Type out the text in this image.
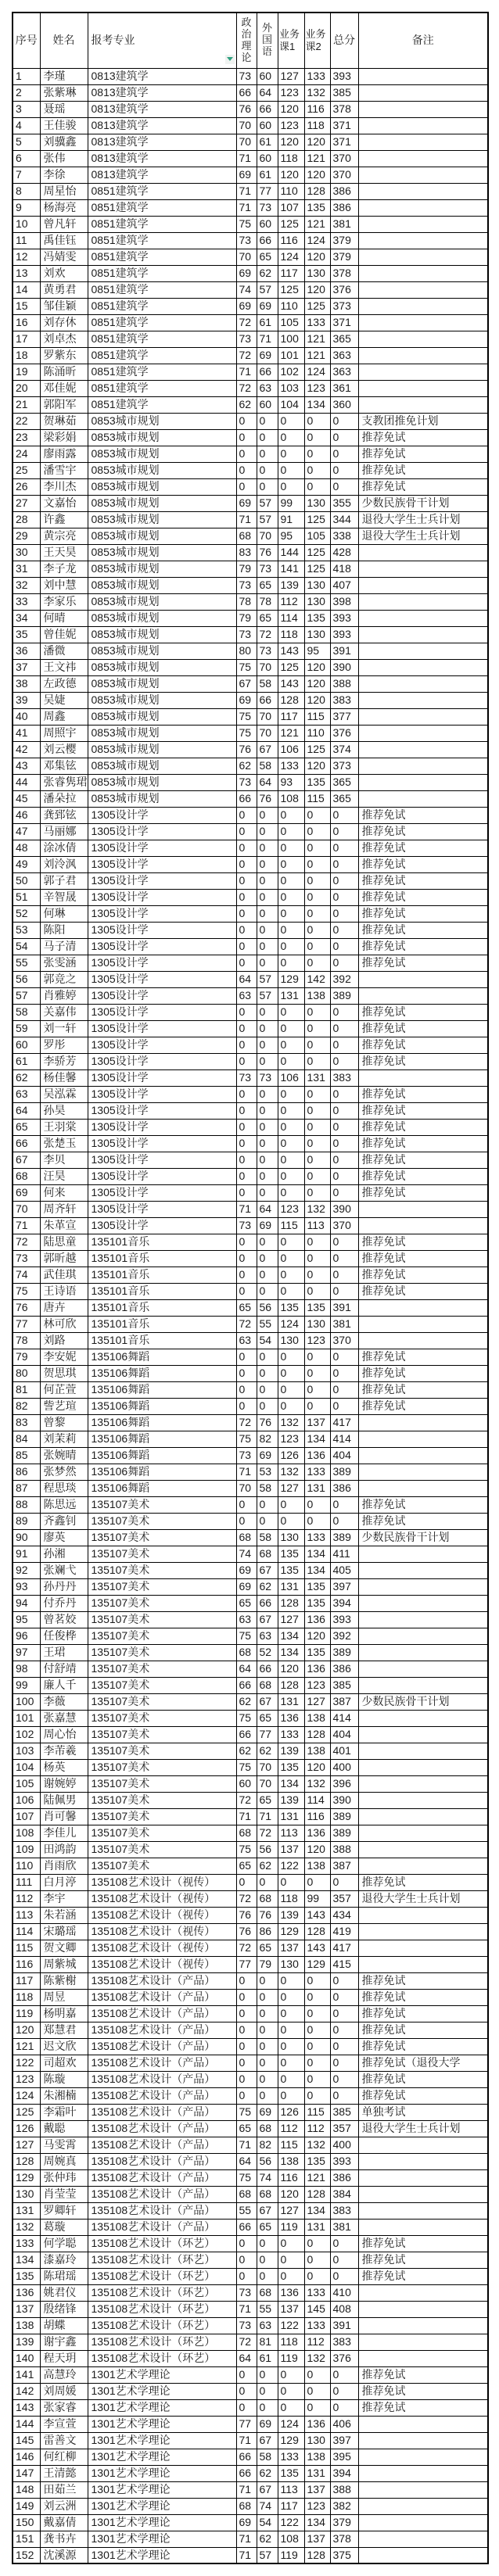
序号	姓名	报考专业	政治理论	外国语	业务课1	业务课2	总分	备注
1	李瑾	0813建筑学	73	60	127	133	393	
2	张紫琳	0813建筑学	66	64	123	132	385	
3	聂瑶	0813建筑学	76	66	120	116	378	
4	王佳骏	0813建筑学	70	60	123	118	371	
5	刘骥鑫	0813建筑学	70	61	120	120	371	
6	张伟	0813建筑学	71	60	118	121	370	
7	李徐	0813建筑学	69	61	120	120	370	
8	周星怡	0851建筑学	71	77	110	128	386	
9	杨海亮	0851建筑学	71	73	107	135	386	
10	曾凡轩	0851建筑学	75	60	125	121	381	
11	禹佳钰	0851建筑学	73	66	116	124	379	
12	冯婧雯	0851建筑学	70	65	124	120	379	
13	刘欢	0851建筑学	69	62	117	130	378	
14	黄勇君	0851建筑学	74	57	125	120	376	
15	邹佳颖	0851建筑学	69	69	110	125	373	
16	刘存休	0851建筑学	72	61	105	133	371	
17	刘卓杰	0851建筑学	73	71	100	121	365	
18	罗紫东	0851建筑学	72	69	101	121	363	
19	陈涌昕	0851建筑学	71	66	102	124	363	
20	邓佳妮	0851建筑学	72	63	103	123	361	
21	郭阳军	0851建筑学	62	60	104	134	360	
22	贺琳茹	0853城市规划	0	0	0	0	0	支教团推免计划
23	梁彩娟	0853城市规划	0	0	0	0	0	推荐免试
24	廖雨露	0853城市规划	0	0	0	0	0	推荐免试
25	潘雪宇	0853城市规划	0	0	0	0	0	推荐免试
26	李川杰	0853城市规划	0	0	0	0	0	推荐免试
27	文嘉怡	0853城市规划	69	57	99	130	355	少数民族骨干计划
28	许鑫	0853城市规划	71	57	91	125	344	退役大学生士兵计划
29	黄宗亮	0853城市规划	68	70	95	105	338	退役大学生士兵计划
30	王天昊	0853城市规划	83	76	144	125	428	
31	李子龙	0853城市规划	79	73	141	125	418	
32	刘中慧	0853城市规划	73	65	139	130	407	
33	李家乐	0853城市规划	78	78	112	130	398	
34	何晴	0853城市规划	79	65	114	135	393	
35	曾佳妮	0853城市规划	73	72	118	130	393	
36	潘微	0853城市规划	80	73	143	95	391	
37	王文祎	0853城市规划	75	70	125	120	390	
38	左政德	0853城市规划	67	58	143	120	388	
39	吴婕	0853城市规划	69	66	128	120	383	
40	周鑫	0853城市规划	75	70	117	115	377	
41	周照宇	0853城市规划	75	70	121	110	376	
42	刘云樱	0853城市规划	76	67	106	125	374	
43	邓集铉	0853城市规划	62	58	133	120	373	
44	张睿隽珺	0853城市规划	73	64	93	135	365	
45	潘朵拉	0853城市规划	66	76	108	115	365	
46	龚郅铉	1305设计学	0	0	0	0	0	推荐免试
47	马丽娜	1305设计学	0	0	0	0	0	推荐免试
48	涂冰倩	1305设计学	0	0	0	0	0	推荐免试
49	刘泠沨	1305设计学	0	0	0	0	0	推荐免试
50	郭子君	1305设计学	0	0	0	0	0	推荐免试
51	辛智晟	1305设计学	0	0	0	0	0	推荐免试
52	何琳	1305设计学	0	0	0	0	0	推荐免试
53	陈阳	1305设计学	0	0	0	0	0	推荐免试
54	马子清	1305设计学	0	0	0	0	0	推荐免试
55	张雯涵	1305设计学	0	0	0	0	0	推荐免试
56	郭竞之	1305设计学	64	57	129	142	392	
57	肖雅婷	1305设计学	63	57	131	138	389	
58	关嘉伟	1305设计学	0	0	0	0	0	推荐免试
59	刘一轩	1305设计学	0	0	0	0	0	推荐免试
60	罗彤	1305设计学	0	0	0	0	0	推荐免试
61	李骄芳	1305设计学	0	0	0	0	0	推荐免试
62	杨佳馨	1305设计学	73	73	106	131	383	
63	吴泓霖	1305设计学	0	0	0	0	0	推荐免试
64	孙昊	1305设计学	0	0	0	0	0	推荐免试
65	王羽棠	1305设计学	0	0	0	0	0	推荐免试
66	张楚玉	1305设计学	0	0	0	0	0	推荐免试
67	李贝	1305设计学	0	0	0	0	0	推荐免试
68	汪昊	1305设计学	0	0	0	0	0	推荐免试
69	何来	1305设计学	0	0	0	0	0	推荐免试
70	周齐轩	1305设计学	71	64	123	132	390	
71	朱革宣	1305设计学	73	69	115	113	370	
72	陆思童	135101音乐	0	0	0	0	0	推荐免试
73	郭昕越	135101音乐	0	0	0	0	0	推荐免试
74	武佳琪	135101音乐	0	0	0	0	0	推荐免试
75	王诗语	135101音乐	0	0	0	0	0	推荐免试
76	唐卉	135101音乐	65	56	135	135	391	
77	林可欣	135101音乐	72	55	124	130	381	
78	刘路	135101音乐	63	54	130	123	370	
79	李安妮	135106舞蹈	0	0	0	0	0	推荐免试
80	贺思琪	135106舞蹈	0	0	0	0	0	推荐免试
81	何芷萱	135106舞蹈	0	0	0	0	0	推荐免试
82	訾艺瑄	135106舞蹈	0	0	0	0	0	推荐免试
83	曾黎	135106舞蹈	72	76	132	137	417	
84	刘茉莉	135106舞蹈	75	82	123	134	414	
85	张婉晴	135106舞蹈	73	69	126	136	404	
86	张梦然	135106舞蹈	71	53	132	133	389	
87	程思琰	135106舞蹈	70	58	127	131	386	
88	陈思远	135107美术	0	0	0	0	0	推荐免试
89	齐鑫钊	135107美术	0	0	0	0	0	推荐免试
90	廖英	135107美术	68	58	130	133	389	少数民族骨干计划
91	孙湘	135107美术	74	68	135	134	411	
92	张斓弋	135107美术	69	67	135	134	405	
93	孙丹丹	135107美术	69	62	131	135	397	
94	付乔丹	135107美术	65	66	128	135	394	
95	曾茗姣	135107美术	63	67	127	136	393	
96	任俊桦	135107美术	75	63	134	120	392	
97	王珺	135107美术	68	52	134	135	389	
98	付舒靖	135107美术	64	66	120	136	386	
99	廉人千	135107美术	66	68	128	123	385	
100	李薇	135107美术	62	67	131	127	387	少数民族骨干计划
101	张嘉慧	135107美术	75	65	136	138	414	
102	周心怡	135107美术	66	77	133	128	404	
103	李芾羲	135107美术	62	62	139	138	401	
104	杨英	135107美术	75	70	135	120	400	
105	谢婉婷	135107美术	60	70	134	132	396	
106	陆佩男	135107美术	72	65	139	114	390	
107	肖可馨	135107美术	71	71	131	116	389	
108	李佳儿	135107美术	68	72	113	136	389	
109	田鸿韵	135107美术	75	56	137	120	388	
110	肖雨欣	135107美术	65	62	122	138	387	
111	白月渟	135108艺术设计（视传）	0	0	0	0	0	推荐免试
112	李宇	135108艺术设计（视传）	72	68	118	99	357	退役大学生士兵计划
113	朱若涵	135108艺术设计（视传）	76	76	139	143	434	
114	宋璐瑶	135108艺术设计（视传）	76	86	129	128	419	
115	贺文卿	135108艺术设计（视传）	72	65	137	143	417	
116	周紫城	135108艺术设计（视传）	77	79	130	129	415	
117	陈紫榭	135108艺术设计（产品）	0	0	0	0	0	推荐免试
118	周昱	135108艺术设计（产品）	0	0	0	0	0	推荐免试
119	杨明嘉	135108艺术设计（产品）	0	0	0	0	0	推荐免试
120	郑慧君	135108艺术设计（产品）	0	0	0	0	0	推荐免试
121	迟文欣	135108艺术设计（产品）	0	0	0	0	0	推荐免试
122	司超欢	135108艺术设计（产品）	0	0	0	0	0	推荐免试（退役大学
123	陈璇	135108艺术设计（产品）	0	0	0	0	0	推荐免试
124	朱湘楠	135108艺术设计（产品）	0	0	0	0	0	推荐免试
125	李霜叶	135108艺术设计（产品）	75	69	126	115	385	单独考试
126	戴聪	135108艺术设计（产品）	65	68	112	112	357	退役大学生士兵计划
127	马雯霄	135108艺术设计（产品）	71	82	115	132	400	
128	周婉真	135108艺术设计（产品）	64	56	138	135	393	
129	张仲玮	135108艺术设计（产品）	75	74	116	121	386	
130	肖莹莹	135108艺术设计（产品）	68	68	120	128	384	
131	罗卿轩	135108艺术设计（产品）	55	67	127	134	383	
132	葛璇	135108艺术设计（产品）	66	65	119	131	381	
133	何学聪	135108艺术设计（环艺）	0	0	0	0	0	推荐免试
134	漆嘉玲	135108艺术设计（环艺）	0	0	0	0	0	推荐免试
135	陈珺瑶	135108艺术设计（环艺）	0	0	0	0	0	推荐免试
136	姚君仪	135108艺术设计（环艺）	73	68	136	133	410	
137	殷绪锋	135108艺术设计（环艺）	71	55	137	145	408	
138	胡蝶	135108艺术设计（环艺）	73	63	122	133	391	
139	谢宇鑫	135108艺术设计（环艺）	72	81	118	112	383	
140	程天玥	135108艺术设计（环艺）	64	61	119	132	376	
141	高慧玲	1301艺术学理论	0	0	0	0	0	推荐免试
142	刘周媛	1301艺术学理论	0	0	0	0	0	推荐免试
143	张家睿	1301艺术学理论	0	0	0	0	0	推荐免试
144	李宣萱	1301艺术学理论	77	69	124	136	406	
145	雷善文	1301艺术学理论	71	67	129	130	397	
146	何红柳	1301艺术学理论	66	58	133	138	395	
147	王清懿	1301艺术学理论	66	62	135	131	394	
148	田茹兰	1301艺术学理论	71	67	113	137	388	
149	刘云洲	1301艺术学理论	68	74	117	123	382	
150	戴嘉倩	1301艺术学理论	69	54	122	134	379	
151	龚书卉	1301艺术学理论	71	62	108	137	378	
152	沈溪源	1301艺术学理论	71	57	119	128	375	
